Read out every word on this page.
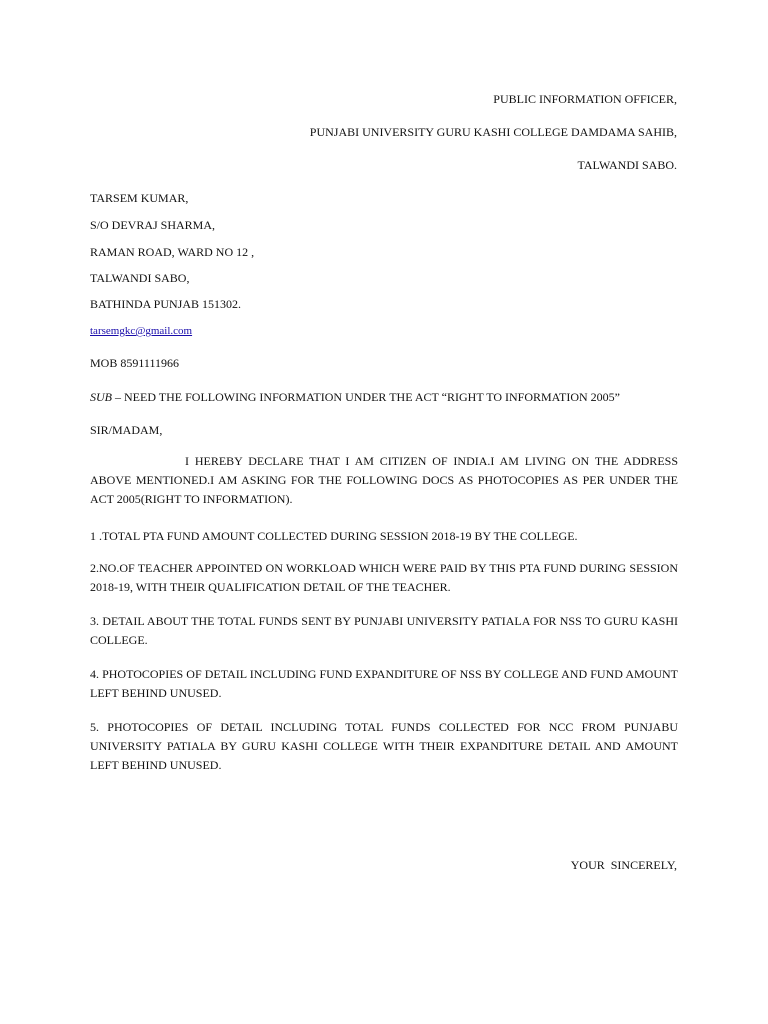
PUBLIC INFORMATION OFFICER,
PUNJABI UNIVERSITY GURU KASHI COLLEGE DAMDAMA SAHIB,
TALWANDI SABO.
TARSEM KUMAR,
S/O DEVRAJ SHARMA,
RAMAN ROAD, WARD NO 12 ,
TALWANDI SABO,
BATHINDA PUNJAB 151302.
tarsemgkc@gmail.com
MOB 8591111966
SUB – NEED THE FOLLOWING INFORMATION UNDER THE ACT “RIGHT TO INFORMATION 2005”
SIR/MADAM,
I HEREBY DECLARE THAT I AM CITIZEN OF INDIA.I AM LIVING ON THE ADDRESS ABOVE MENTIONED.I AM ASKING FOR THE FOLLOWING DOCS AS PHOTOCOPIES AS PER UNDER THE ACT 2005(RIGHT TO INFORMATION).
1 .TOTAL PTA FUND AMOUNT COLLECTED DURING SESSION 2018-19 BY THE COLLEGE.
2.NO.OF TEACHER APPOINTED ON WORKLOAD WHICH WERE PAID BY THIS PTA FUND DURING SESSION 2018-19, WITH THEIR QUALIFICATION DETAIL OF THE TEACHER.
3. DETAIL ABOUT THE TOTAL FUNDS SENT BY PUNJABI UNIVERSITY PATIALA FOR NSS TO GURU KASHI COLLEGE.
4. PHOTOCOPIES OF DETAIL INCLUDING FUND EXPANDITURE OF NSS BY COLLEGE AND FUND AMOUNT LEFT BEHIND UNUSED.
5. PHOTOCOPIES OF DETAIL INCLUDING TOTAL FUNDS COLLECTED FOR NCC FROM PUNJABU UNIVERSITY PATIALA BY GURU KASHI COLLEGE WITH THEIR EXPANDITURE DETAIL AND AMOUNT LEFT BEHIND UNUSED.
YOUR  SINCERELY,
